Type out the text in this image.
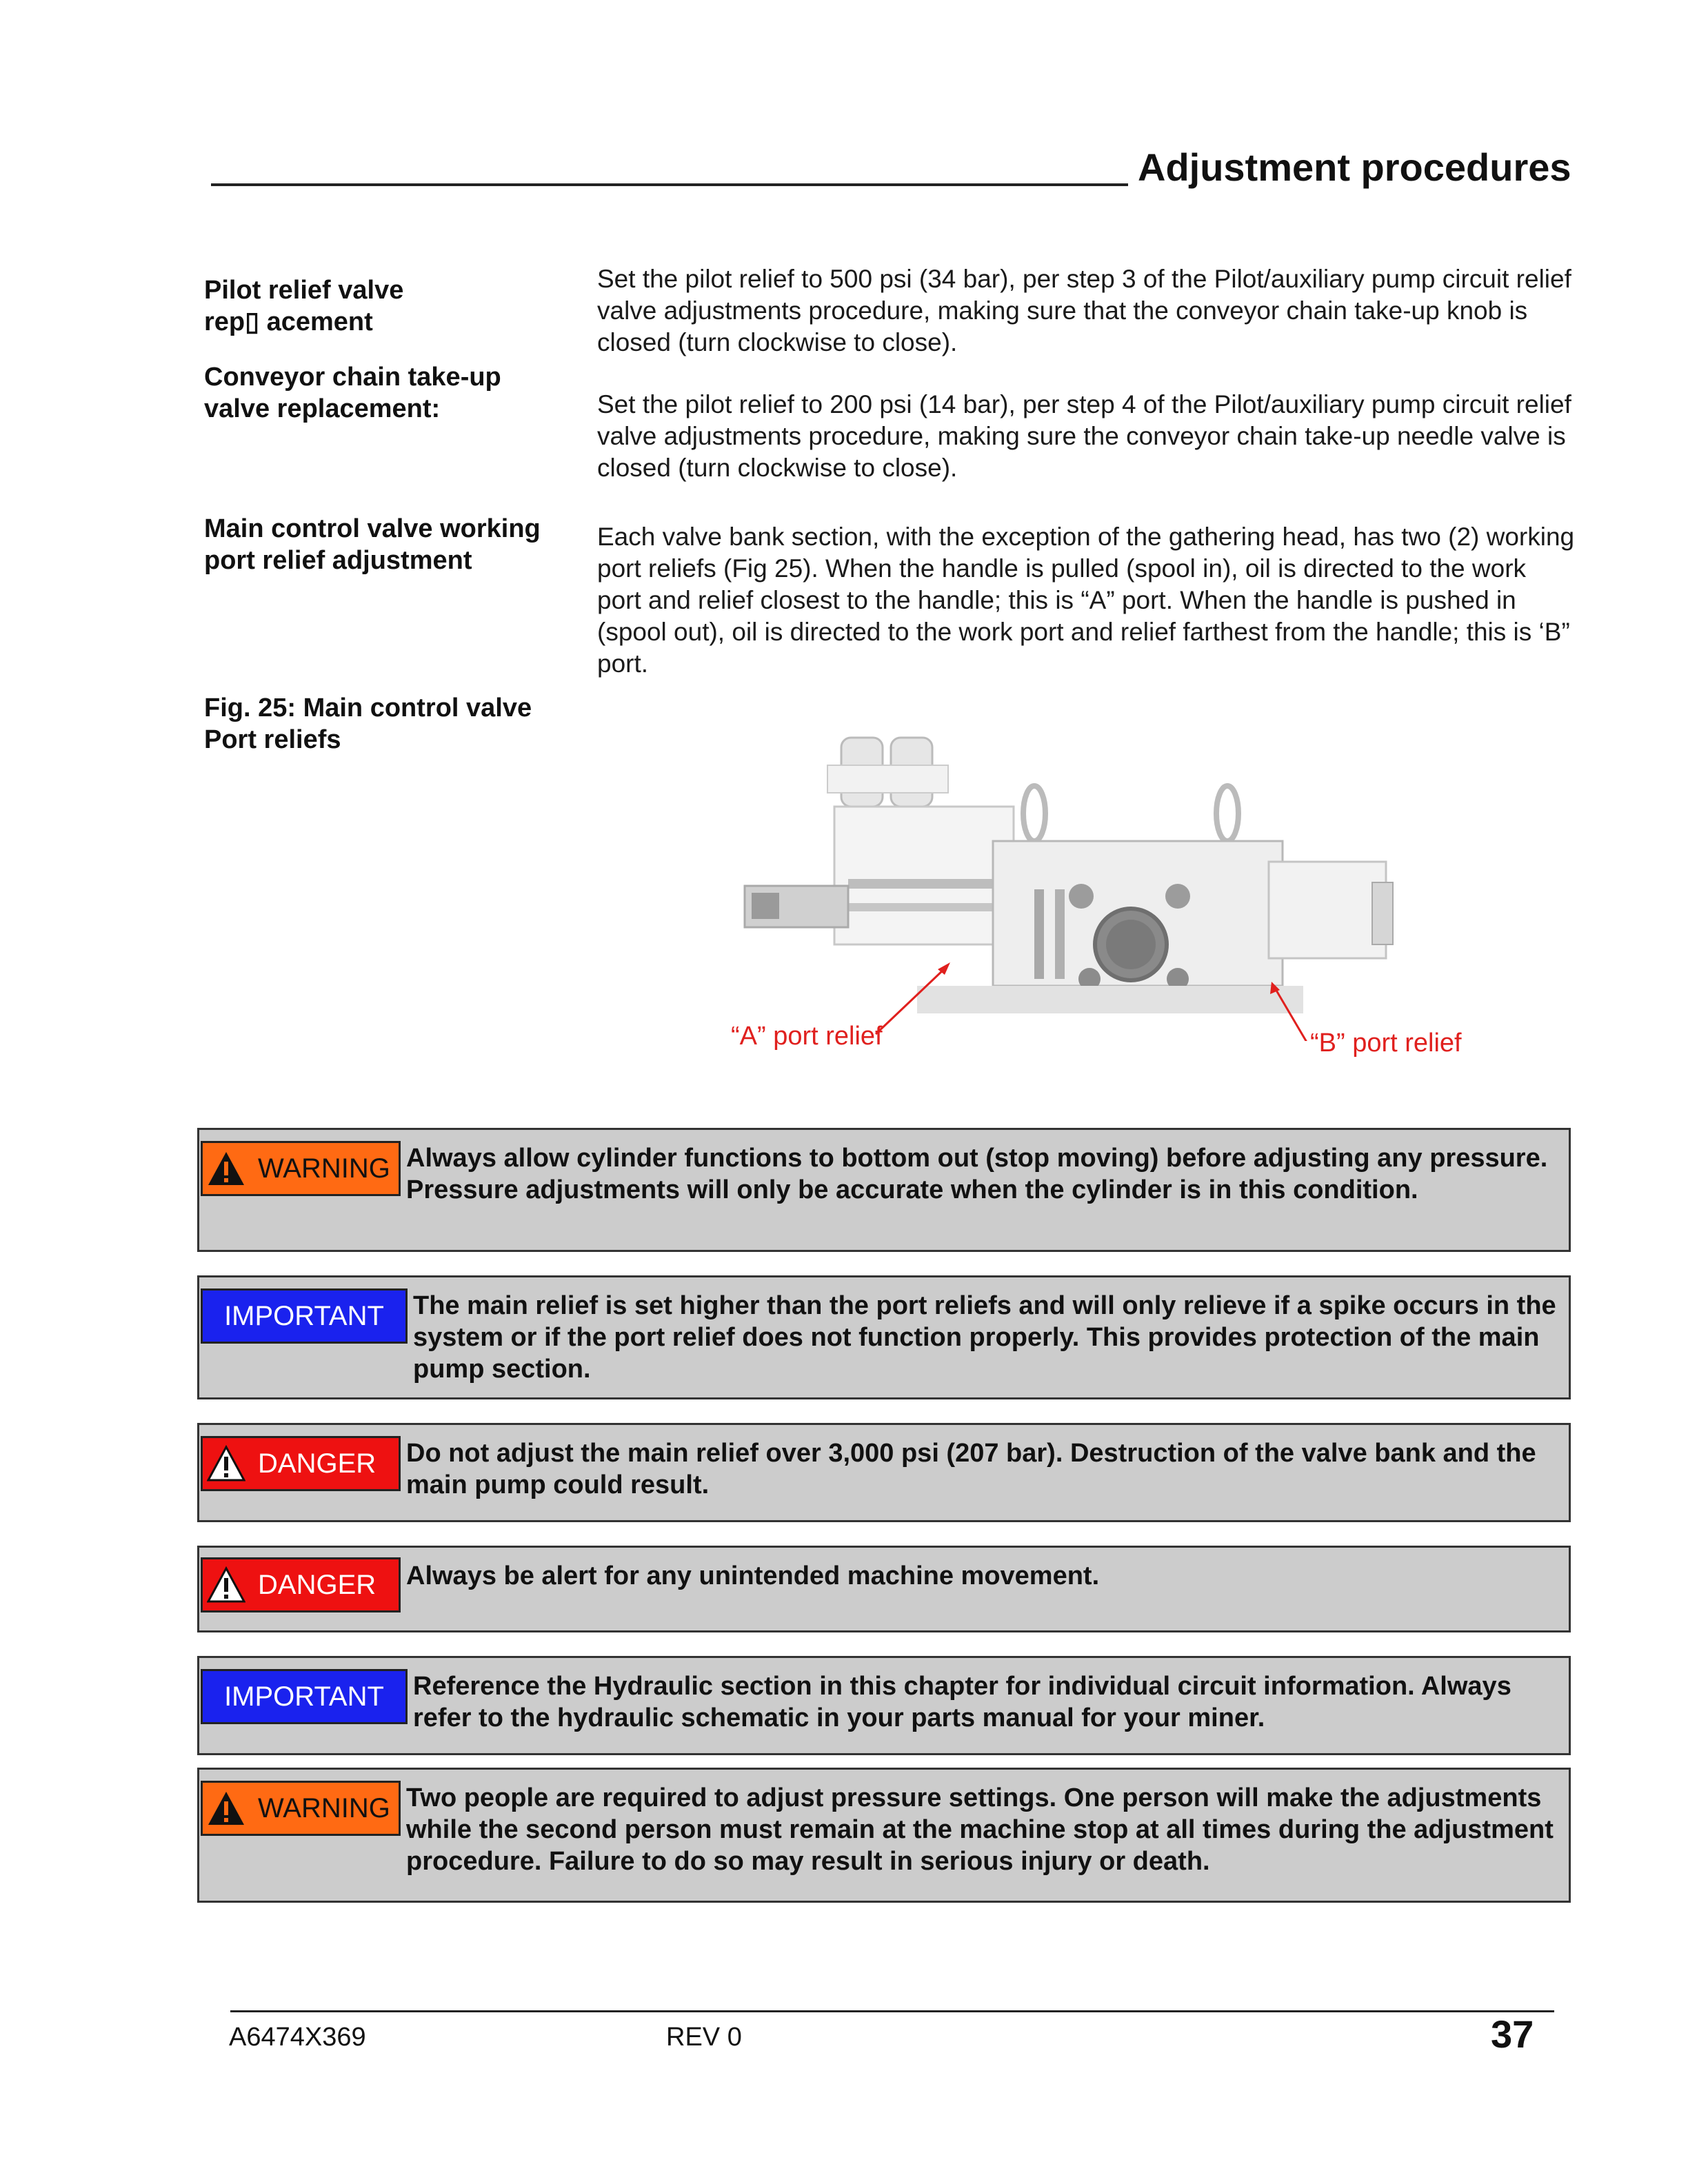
Adjustment procedures
Pilot relief valve
rep▯ acement
Conveyor chain take-up
valve replacement:
Main control valve working
port relief adjustment
Fig. 25: Main control valve
Port reliefs
Set the pilot relief to 500 psi (34 bar), per step 3 of the Pilot/auxiliary pump circuit relief valve adjustments procedure, making sure that the conveyor chain take-up knob is closed (turn clockwise to close).
Set the pilot relief to 200 psi (14 bar), per step 4 of the Pilot/auxiliary pump circuit relief valve adjustments procedure, making sure the conveyor chain take-up needle valve is closed (turn clockwise to close).
Each valve bank section, with the exception of the gathering head, has two (2) working port reliefs (Fig 25). When the handle is pulled (spool in), oil is directed to the work port and relief closest to the handle; this is “A” port. When the handle is pushed in (spool out), oil is directed to the work port and relief farthest from the handle; this is ‘B” port.
“A” port relief	“B” port relief
WARNING Always allow cylinder functions to bottom out (stop moving) before adjusting any pressure. Pressure adjustments will only be accurate when the cylinder is in this condition.
IMPORTANT The main relief is set higher than the port reliefs and will only relieve if a spike occurs in the system or if the port relief does not function properly. This provides protection of the main pump section.
DANGER Do not adjust the main relief over 3,000 psi (207 bar). Destruction of the valve bank and the main pump could result.
DANGER Always be alert for any unintended machine movement.
IMPORTANT Reference the Hydraulic section in this chapter for individual circuit information. Always refer to the hydraulic schematic in your parts manual for your miner.
WARNING Two people are required to adjust pressure settings. One person will make the adjustments while the second person must remain at the machine stop at all times during the adjustment procedure. Failure to do so may result in serious injury or death.
A6474X369	REV 0	37
